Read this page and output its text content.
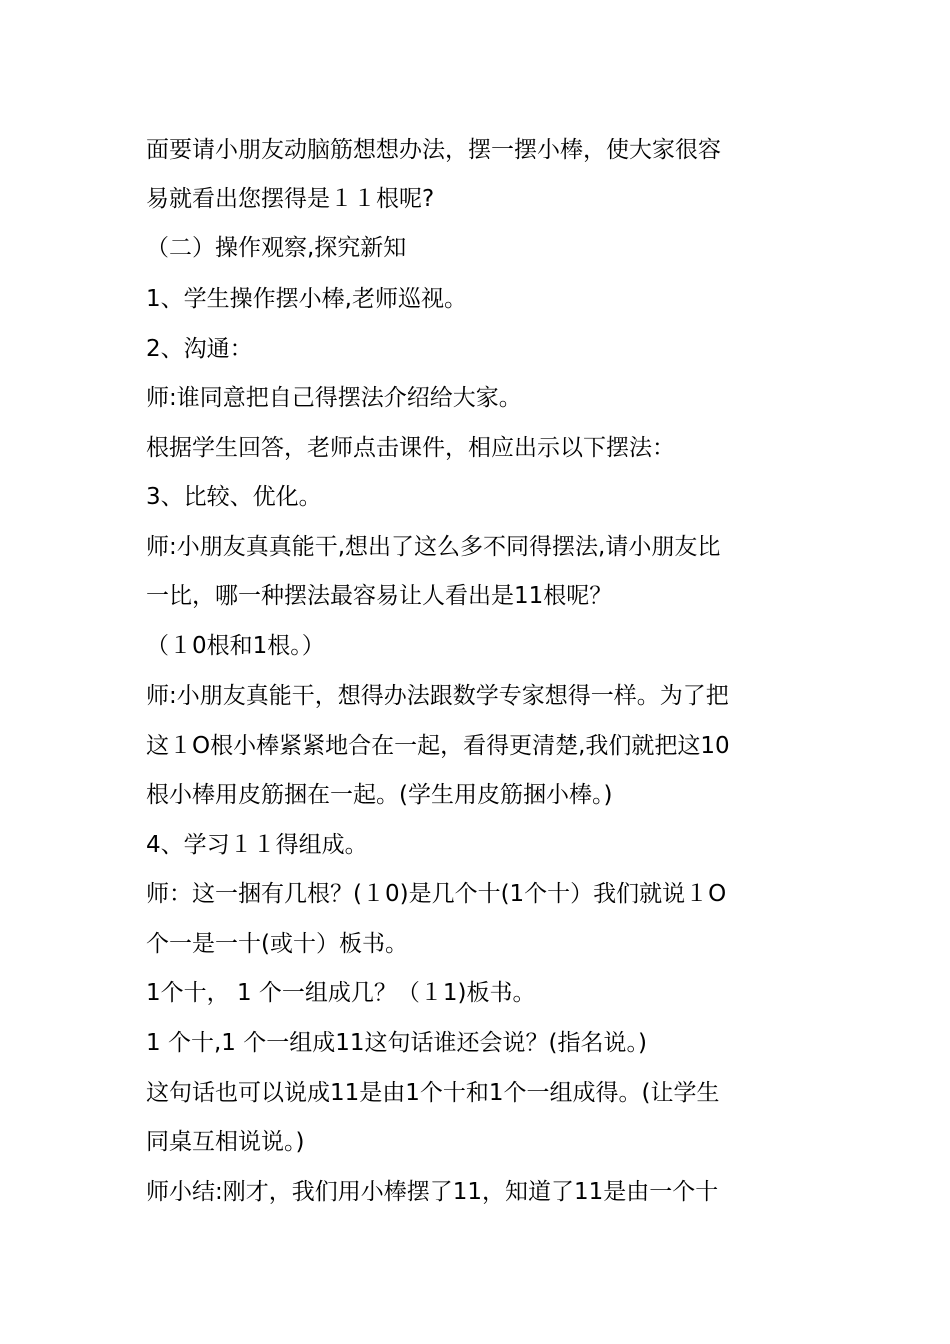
面要请小朋友动脑筋想想办法，摆一摆小棒，使大家很容
易就看出您摆得是１１根呢?
（二）操作观察,探究新知
1、学生操作摆小棒,老师巡视。
2、沟通：
师:谁同意把自己得摆法介绍给大家。
根据学生回答，老师点击课件，相应出示以下摆法：
3、比较、优化。
师:小朋友真真能干,想出了这么多不同得摆法,请小朋友比
一比，哪一种摆法最容易让人看出是11根呢？
（１0根和1根。）
师:小朋友真能干，想得办法跟数学专家想得一样。为了把
这１O根小棒紧紧地合在一起，看得更清楚,我们就把这10
根小棒用皮筋捆在一起。(学生用皮筋捆小棒。)
4、学习１１得组成。
师：这一捆有几根？(１0)是几个十(1个十）我们就说１O
个一是一十(或十）板书。
1个十， 1 个一组成几？（１1)板书。
1 个十,1 个一组成11这句话谁还会说？(指名说。)
这句话也可以说成11是由1个十和1个一组成得。(让学生
同桌互相说说。)
师小结:刚才，我们用小棒摆了11，知道了11是由一个十
